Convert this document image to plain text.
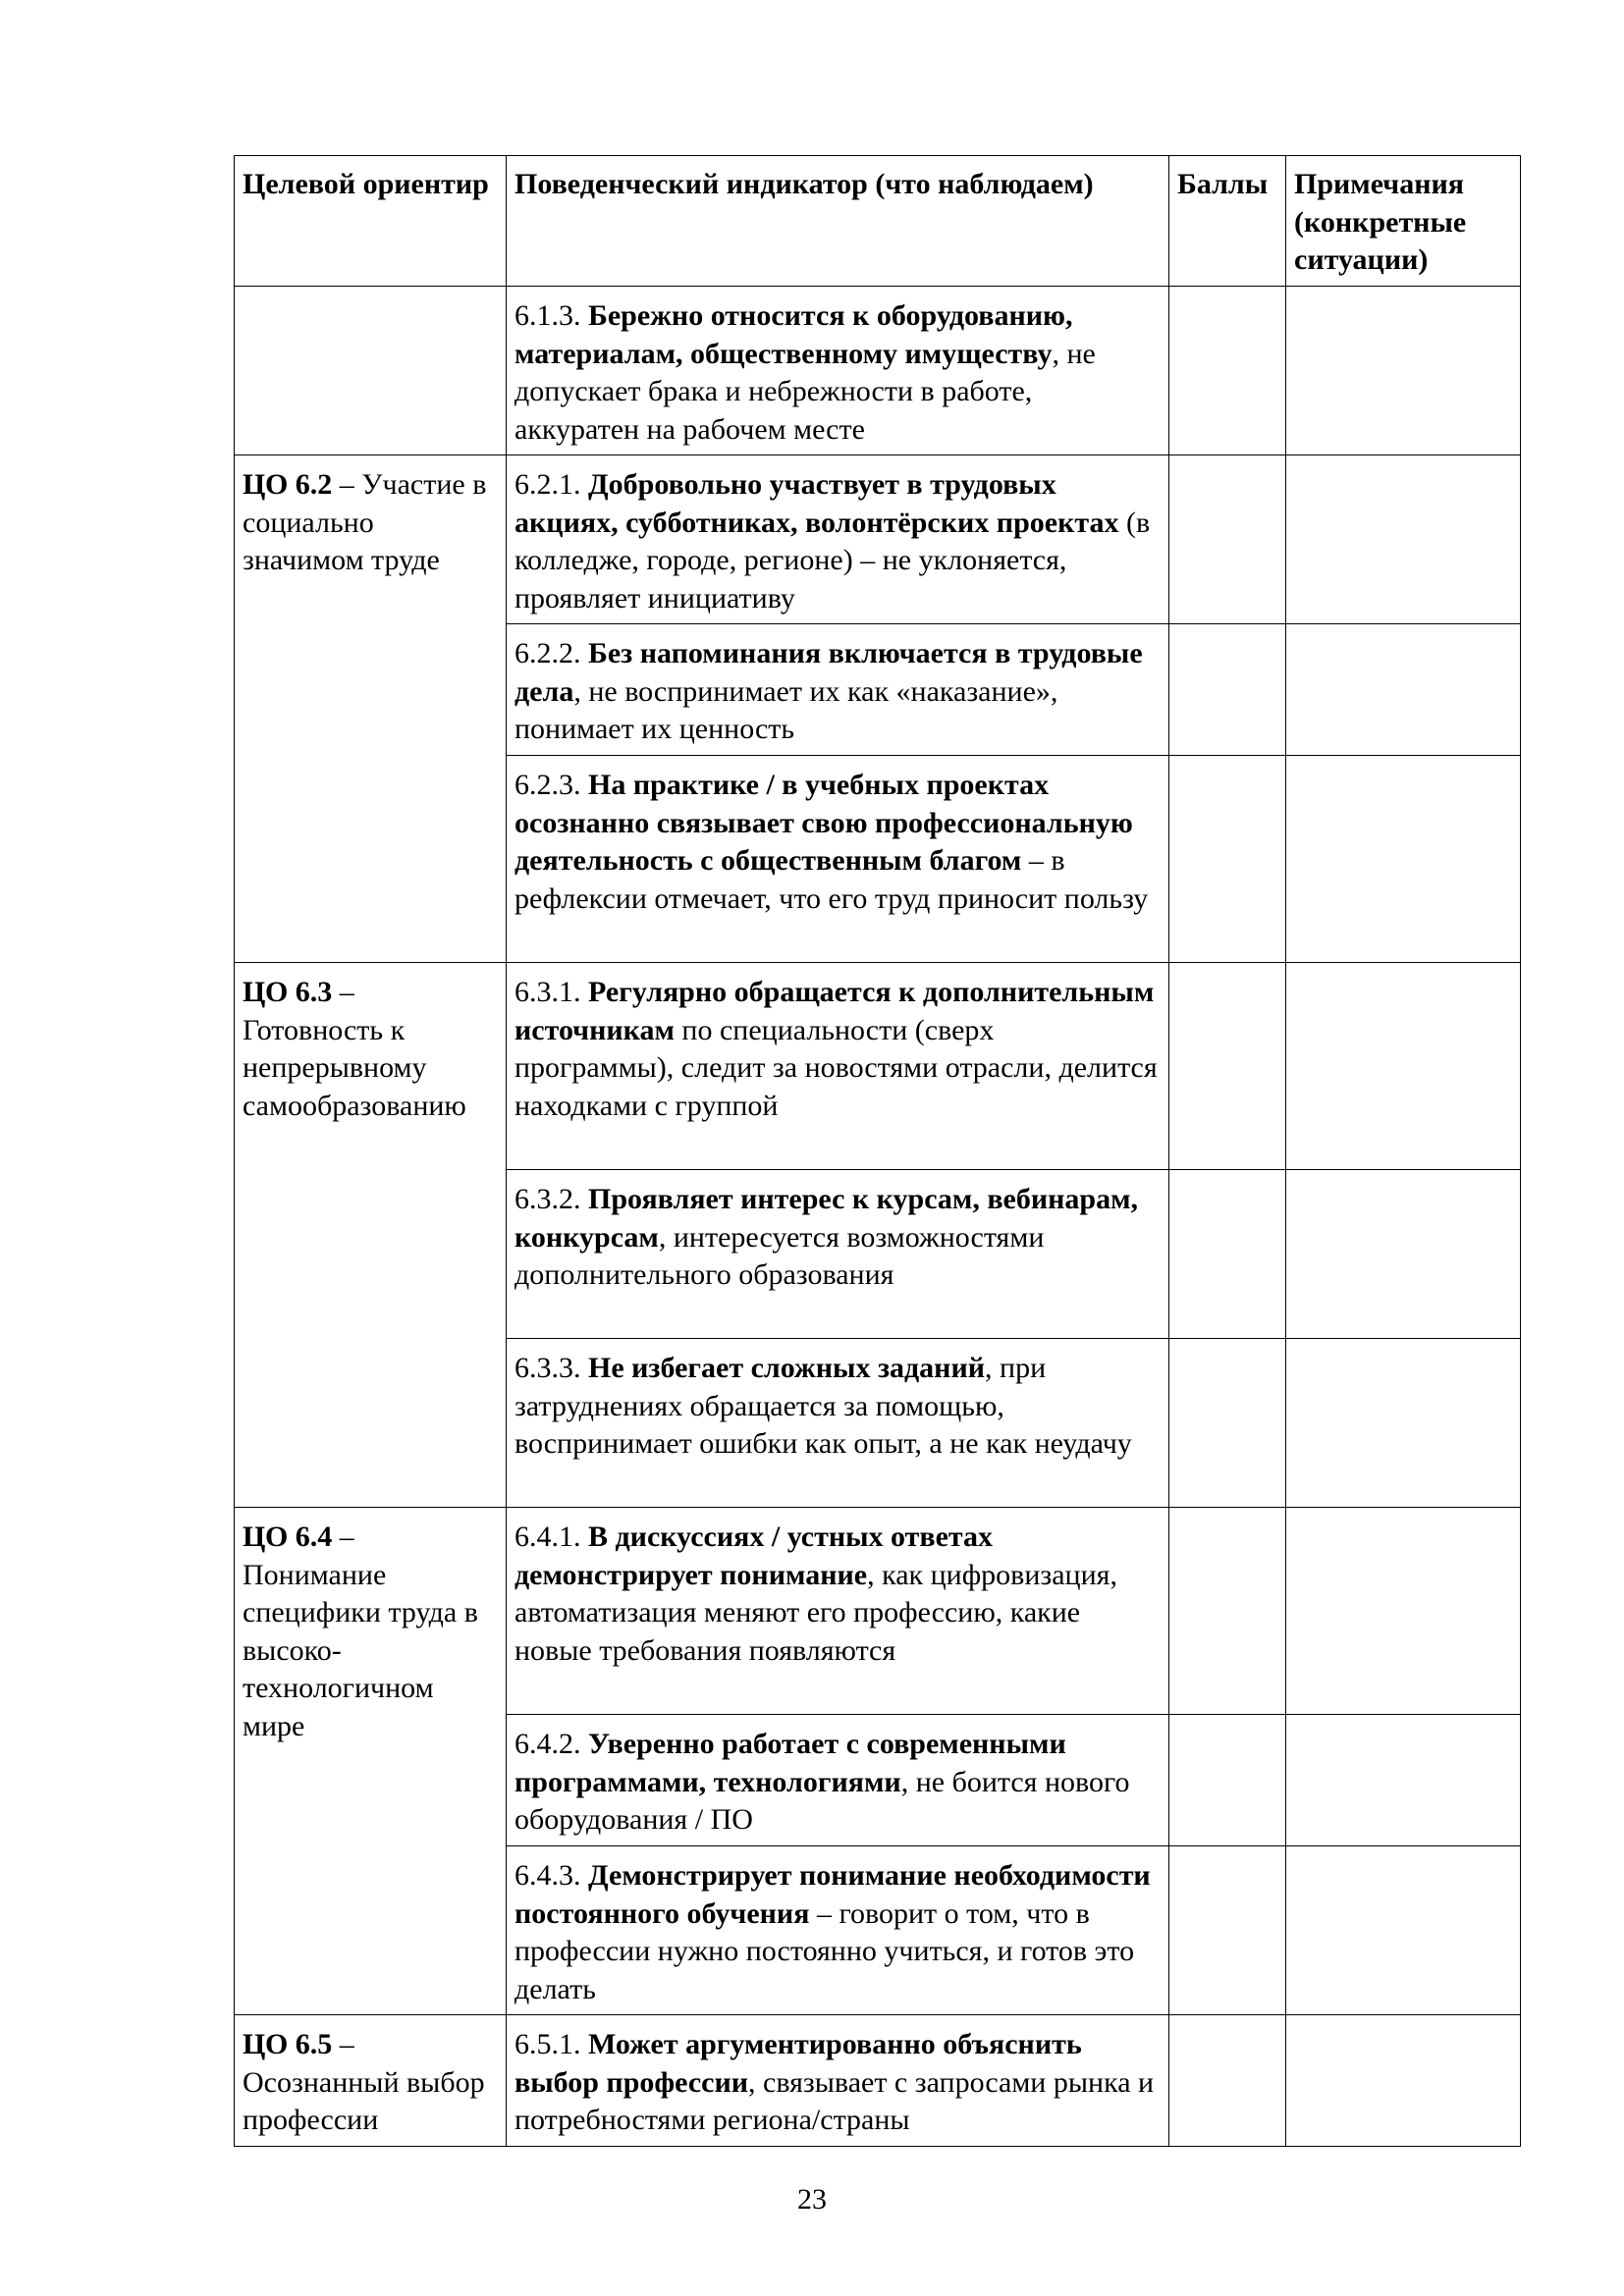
Целевой ориентир	Поведенческий индикатор (что наблюдаем)	Баллы	Примечания (конкретные ситуации)
	6.1.3. Бережно относится к оборудованию, материалам, общественному имуществу, не допускает брака и небрежности в работе, аккуратен на рабочем месте		
ЦО 6.2 – Участие в социально значимом труде	6.2.1. Добровольно участвует в трудовых акциях, субботниках, волонтёрских проектах (в колледже, городе, регионе) – не уклоняется, проявляет инициативу		
	6.2.2. Без напоминания включается в трудовые дела, не воспринимает их как «наказание», понимает их ценность		
	6.2.3. На практике / в учебных проектах осознанно связывает свою профессиональную деятельность с общественным благом – в рефлексии отмечает, что его труд приносит пользу		
ЦО 6.3 – Готовность к непрерывному самообразованию	6.3.1. Регулярно обращается к дополнительным источникам по специальности (сверх программы), следит за новостями отрасли, делится находками с группой		
	6.3.2. Проявляет интерес к курсам, вебинарам, конкурсам, интересуется возможностями дополнительного образования		
	6.3.3. Не избегает сложных заданий, при затруднениях обращается за помощью, воспринимает ошибки как опыт, а не как неудачу		
ЦО 6.4 – Понимание специфики труда в высоко-технологичном мире	6.4.1. В дискуссиях / устных ответах демонстрирует понимание, как цифровизация, автоматизация меняют его профессию, какие новые требования появляются		
	6.4.2. Уверенно работает с современными программами, технологиями, не боится нового оборудования / ПО		
	6.4.3. Демонстрирует понимание необходимости постоянного обучения – говорит о том, что в профессии нужно постоянно учиться, и готов это делать		
ЦО 6.5 – Осознанный выбор профессии	6.5.1. Может аргументированно объяснить выбор профессии, связывает с запросами рынка и потребностями региона/страны		
23
